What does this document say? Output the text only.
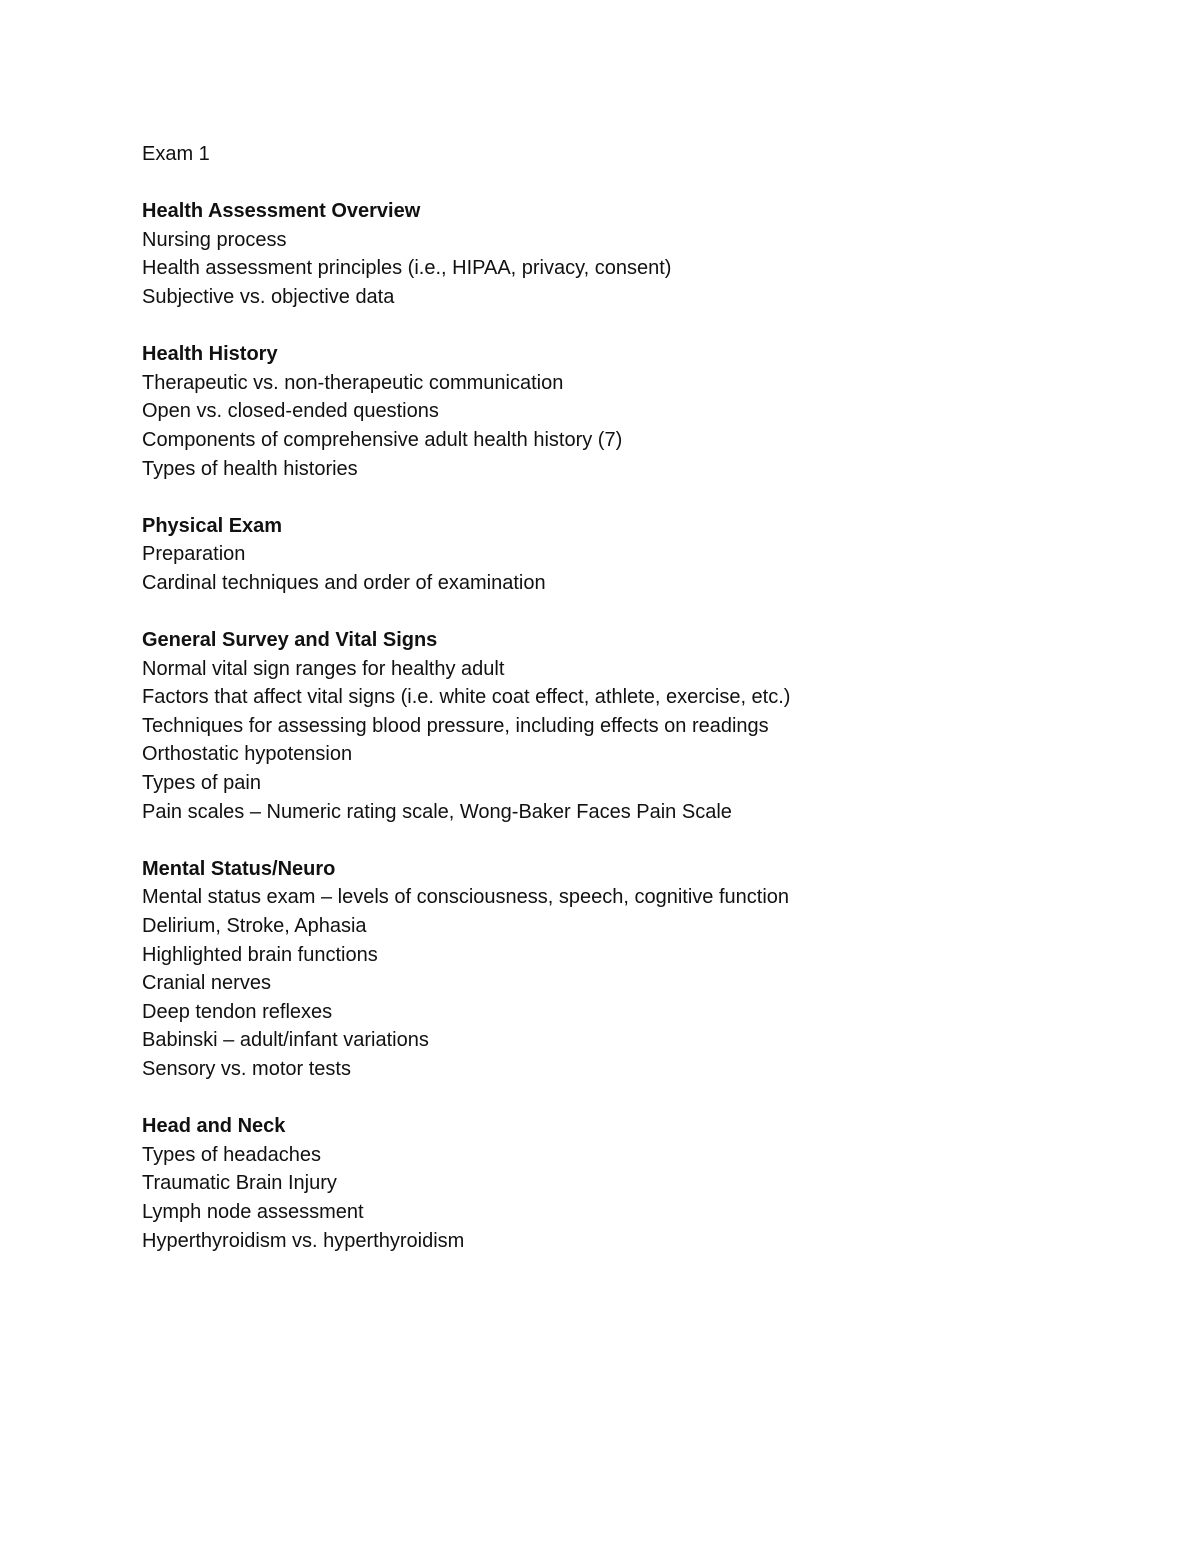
Exam 1
Health Assessment Overview
Nursing process
Health assessment principles (i.e., HIPAA, privacy, consent)
Subjective vs. objective data
Health History
Therapeutic vs. non-therapeutic communication
Open vs. closed-ended questions
Components of comprehensive adult health history (7)
Types of health histories
Physical Exam
Preparation
Cardinal techniques and order of examination
General Survey and Vital Signs
Normal vital sign ranges for healthy adult
Factors that affect vital signs (i.e. white coat effect, athlete, exercise, etc.)
Techniques for assessing blood pressure, including effects on readings
Orthostatic hypotension
Types of pain
Pain scales – Numeric rating scale, Wong-Baker Faces Pain Scale
Mental Status/Neuro
Mental status exam – levels of consciousness, speech, cognitive function
Delirium, Stroke, Aphasia
Highlighted brain functions
Cranial nerves
Deep tendon reflexes
Babinski – adult/infant variations
Sensory vs. motor tests
Head and Neck
Types of headaches
Traumatic Brain Injury
Lymph node assessment
Hyperthyroidism vs. hyperthyroidism
